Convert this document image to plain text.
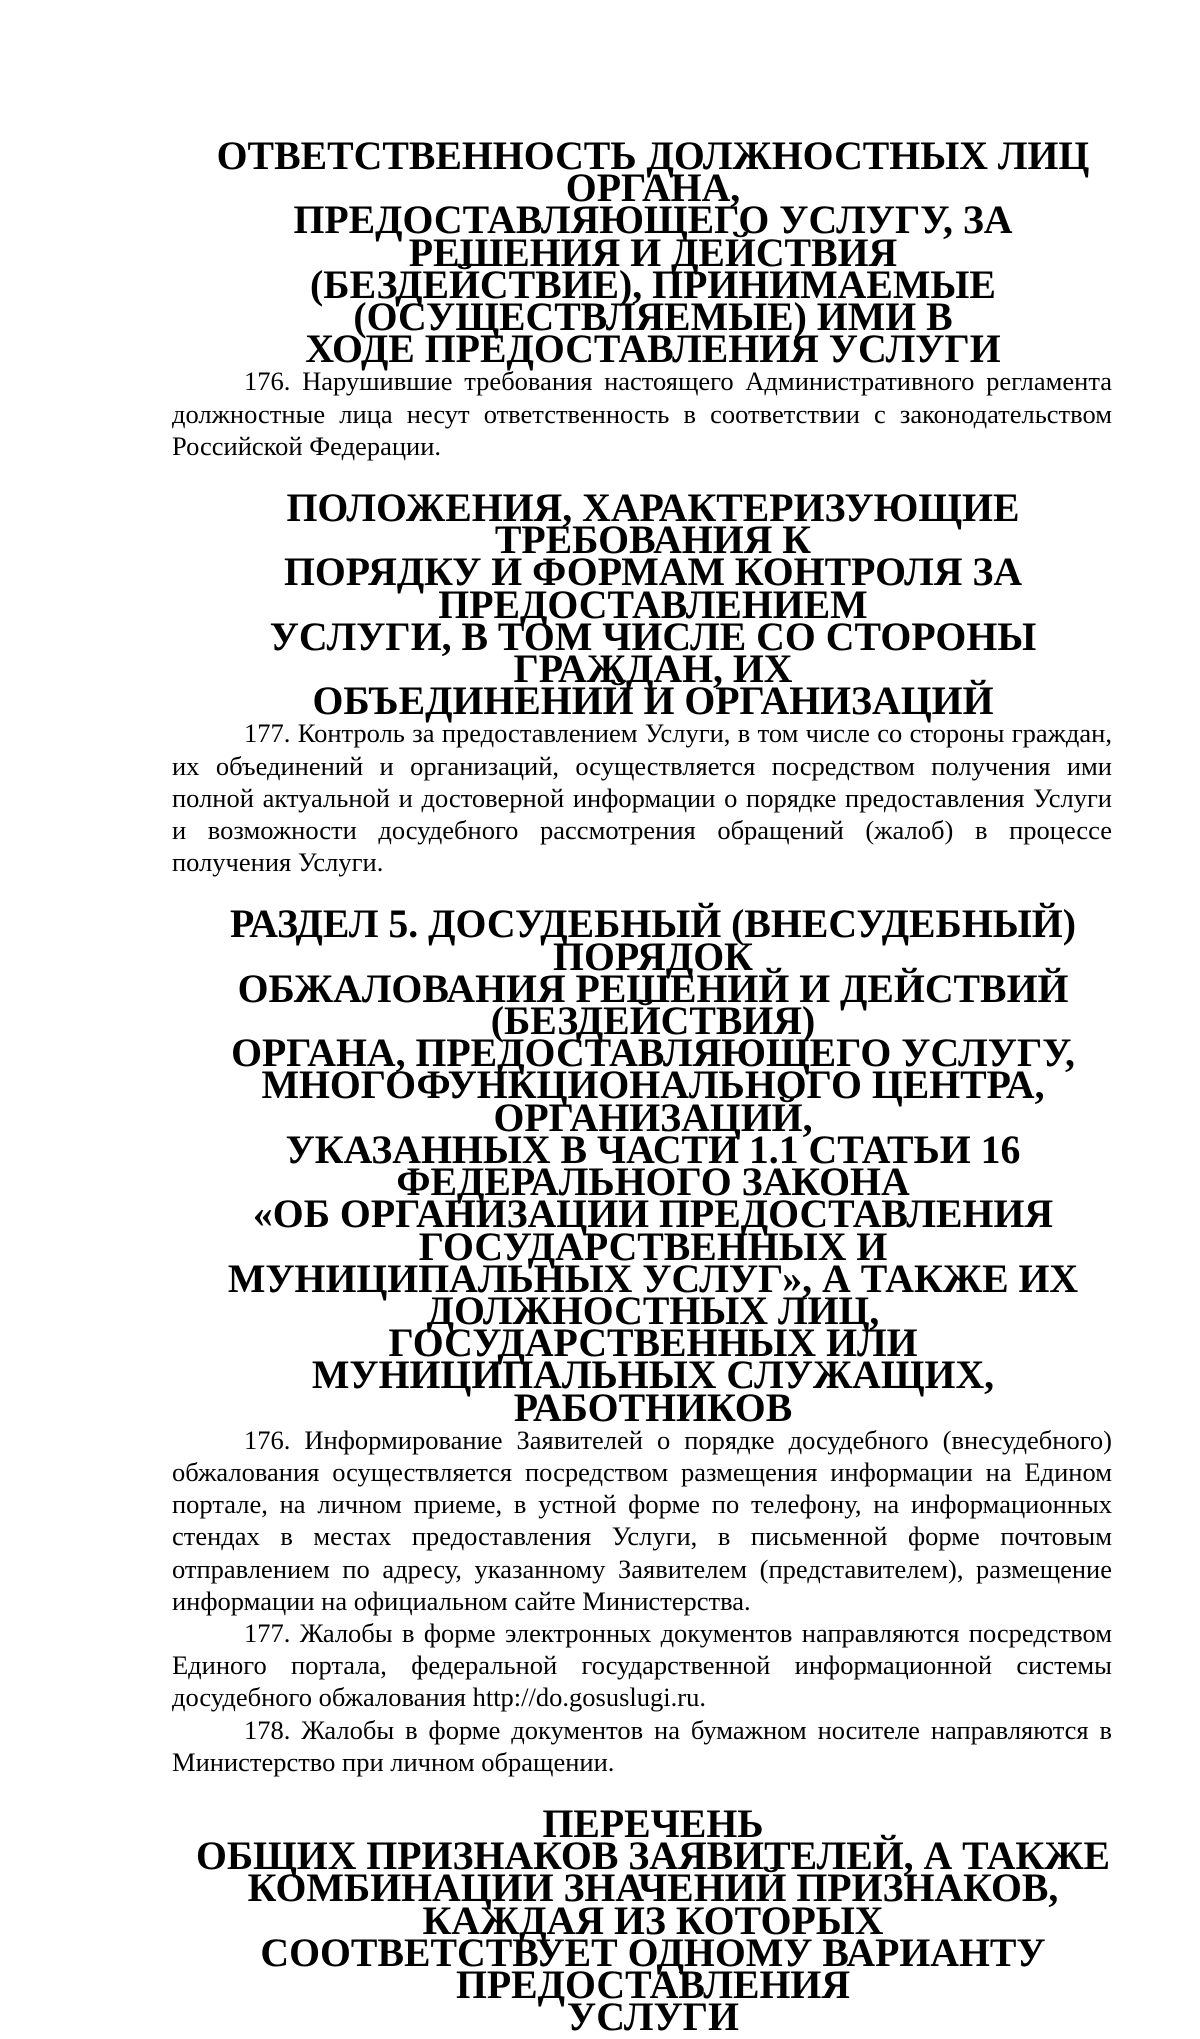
ОТВЕТСТВЕННОСТЬ ДОЛЖНОСТНЫХ ЛИЦ ОРГАНА,
ПРЕДОСТАВЛЯЮЩЕГО УСЛУГУ, ЗА РЕШЕНИЯ И ДЕЙСТВИЯ
(БЕЗДЕЙСТВИЕ), ПРИНИМАЕМЫЕ (ОСУЩЕСТВЛЯЕМЫЕ) ИМИ В
ХОДЕ ПРЕДОСТАВЛЕНИЯ УСЛУГИ

176. Нарушившие требования настоящего Административного регламента должностные лица несут ответственность в соответствии с законодательством Российской Федерации.

ПОЛОЖЕНИЯ, ХАРАКТЕРИЗУЮЩИЕ ТРЕБОВАНИЯ К
ПОРЯДКУ И ФОРМАМ КОНТРОЛЯ ЗА ПРЕДОСТАВЛЕНИЕМ
УСЛУГИ, В ТОМ ЧИСЛЕ СО СТОРОНЫ ГРАЖДАН, ИХ
ОБЪЕДИНЕНИЙ И ОРГАНИЗАЦИЙ

177. Контроль за предоставлением Услуги, в том числе со стороны граждан, их объединений и организаций, осуществляется посредством получения ими полной актуальной и достоверной информации о порядке предоставления Услуги и возможности досудебного рассмотрения обращений (жалоб) в процессе получения Услуги.

РАЗДЕЛ 5. ДОСУДЕБНЫЙ (ВНЕСУДЕБНЫЙ) ПОРЯДОК
ОБЖАЛОВАНИЯ РЕШЕНИЙ И ДЕЙСТВИЙ (БЕЗДЕЙСТВИЯ)
ОРГАНА, ПРЕДОСТАВЛЯЮЩЕГО УСЛУГУ,
МНОГОФУНКЦИОНАЛЬНОГО ЦЕНТРА, ОРГАНИЗАЦИЙ,
УКАЗАННЫХ В ЧАСТИ 1.1 СТАТЬИ 16 ФЕДЕРАЛЬНОГО ЗАКОНА
«ОБ ОРГАНИЗАЦИИ ПРЕДОСТАВЛЕНИЯ ГОСУДАРСТВЕННЫХ И
МУНИЦИПАЛЬНЫХ УСЛУГ», А ТАКЖЕ ИХ ДОЛЖНОСТНЫХ ЛИЦ,
ГОСУДАРСТВЕННЫХ ИЛИ МУНИЦИПАЛЬНЫХ СЛУЖАЩИХ,
РАБОТНИКОВ

176. Информирование Заявителей о порядке досудебного (внесудебного) обжалования осуществляется посредством размещения информации на Едином портале, на личном приеме, в устной форме по телефону, на информационных стендах в местах предоставления Услуги, в письменной форме почтовым отправлением по адресу, указанному Заявителем (представителем), размещение информации на официальном сайте Министерства.

177. Жалобы в форме электронных документов направляются посредством Единого портала, федеральной государственной информационной системы досудебного обжалования http://do.gosuslugi.ru.

178. Жалобы в форме документов на бумажном носителе направляются в Министерство при личном обращении.

ПЕРЕЧЕНЬ
ОБЩИХ ПРИЗНАКОВ ЗАЯВИТЕЛЕЙ, А ТАКЖЕ
КОМБИНАЦИИ ЗНАЧЕНИЙ ПРИЗНАКОВ, КАЖДАЯ ИЗ КОТОРЫХ
СООТВЕТСТВУЕТ ОДНОМУ ВАРИАНТУ ПРЕДОСТАВЛЕНИЯ
УСЛУГИ
